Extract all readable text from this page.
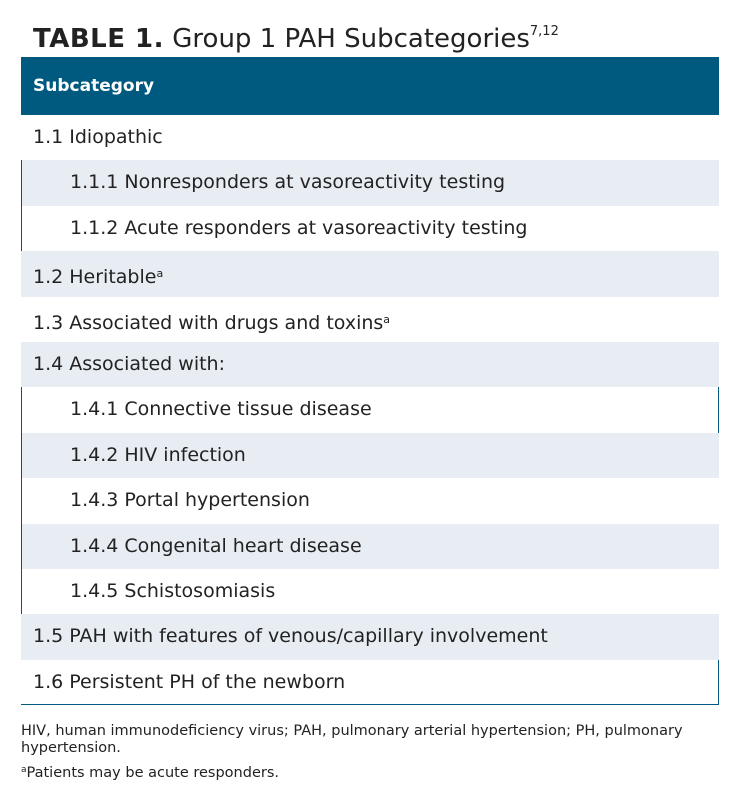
TABLE 1. Group 1 PAH Subcategories$^{7,12}$
Subcategory
1.1 Idiopathic
1.1.1 Nonresponders at vasoreactivity testing
1.1.2 Acute responders at vasoreactivity testing
1.2 Heritable$^a$
1.3 Associated with drugs and toxins$^a$
1.4 Associated with:
1.4.1 Connective tissue disease
1.4.2 HIV infection
1.4.3 Portal hypertension
1.4.4 Congenital heart disease
1.4.5 Schistosomiasis
1.5 PAH with features of venous/capillary involvement
1.6 Persistent PH of the newborn

HIV, human immunodeficiency virus; PAH, pulmonary arterial hypertension; PH, pulmonary hypertension.

$^a$Patients may be acute responders.
